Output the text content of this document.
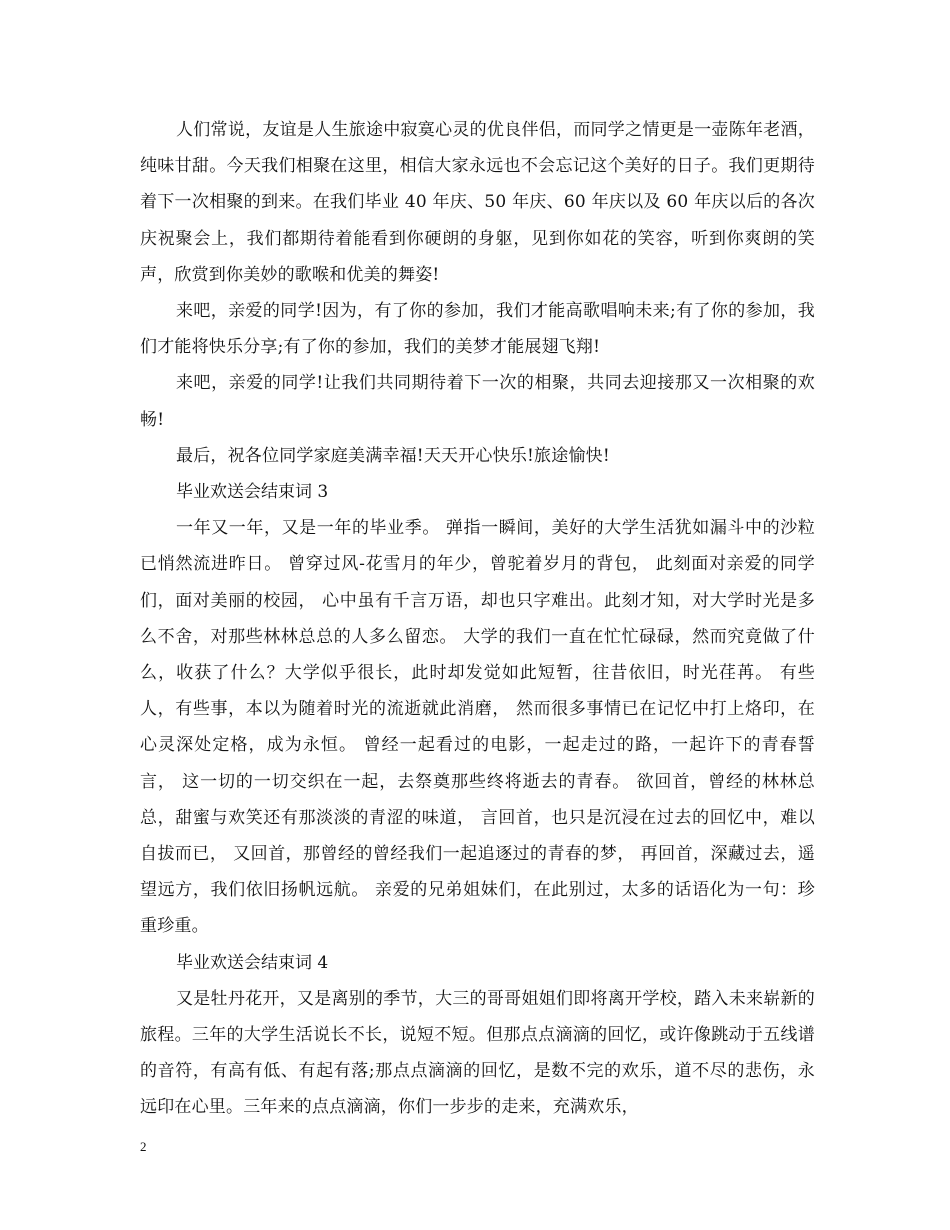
人们常说，友谊是人生旅途中寂寞心灵的优良伴侣，而同学之情更是一壶陈年老酒，纯味甘甜。今天我们相聚在这里，相信大家永远也不会忘记这个美好的日子。我们更期待着下一次相聚的到来。在我们毕业 40 年庆、50 年庆、60 年庆以及 60 年庆以后的各次庆祝聚会上，我们都期待着能看到你硬朗的身躯，见到你如花的笑容，听到你爽朗的笑声，欣赏到你美妙的歌喉和优美的舞姿!

来吧，亲爱的同学!因为，有了你的参加，我们才能高歌唱响未来;有了你的参加，我们才能将快乐分享;有了你的参加，我们的美梦才能展翅飞翔!

来吧，亲爱的同学!让我们共同期待着下一次的相聚，共同去迎接那又一次相聚的欢畅!

最后，祝各位同学家庭美满幸福!天天开心快乐!旅途愉快!

毕业欢送会结束词 3

一年又一年，又是一年的毕业季。 弹指一瞬间，美好的大学生活犹如漏斗中的沙粒已悄然流进昨日。 曾穿过风-花雪月的年少，曾驼着岁月的背包， 此刻面对亲爱的同学们，面对美丽的校园， 心中虽有千言万语，却也只字难出。此刻才知，对大学时光是多么不舍，对那些林林总总的人多么留恋。 大学的我们一直在忙忙碌碌，然而究竟做了什么，收获了什么？大学似乎很长，此时却发觉如此短暂，往昔依旧，时光荏苒。 有些人，有些事，本以为随着时光的流逝就此消磨， 然而很多事情已在记忆中打上烙印，在心灵深处定格，成为永恒。 曾经一起看过的电影，一起走过的路，一起许下的青春誓言， 这一切的一切交织在一起，去祭奠那些终将逝去的青春。 欲回首，曾经的林林总总，甜蜜与欢笑还有那淡淡的青涩的味道， 言回首，也只是沉浸在过去的回忆中，难以自拔而已， 又回首，那曾经的曾经我们一起追逐过的青春的梦， 再回首，深藏过去，遥望远方，我们依旧扬帆远航。 亲爱的兄弟姐妹们，在此别过，太多的话语化为一句：珍重珍重。

毕业欢送会结束词 4

又是牡丹花开，又是离别的季节，大三的哥哥姐姐们即将离开学校，踏入未来崭新的旅程。三年的大学生活说长不长，说短不短。但那点点滴滴的回忆，或许像跳动于五线谱的音符，有高有低、有起有落;那点点滴滴的回忆，是数不完的欢乐，道不尽的悲伤，永远印在心里。三年来的点点滴滴，你们一步步的走来，充满欢乐，

2
